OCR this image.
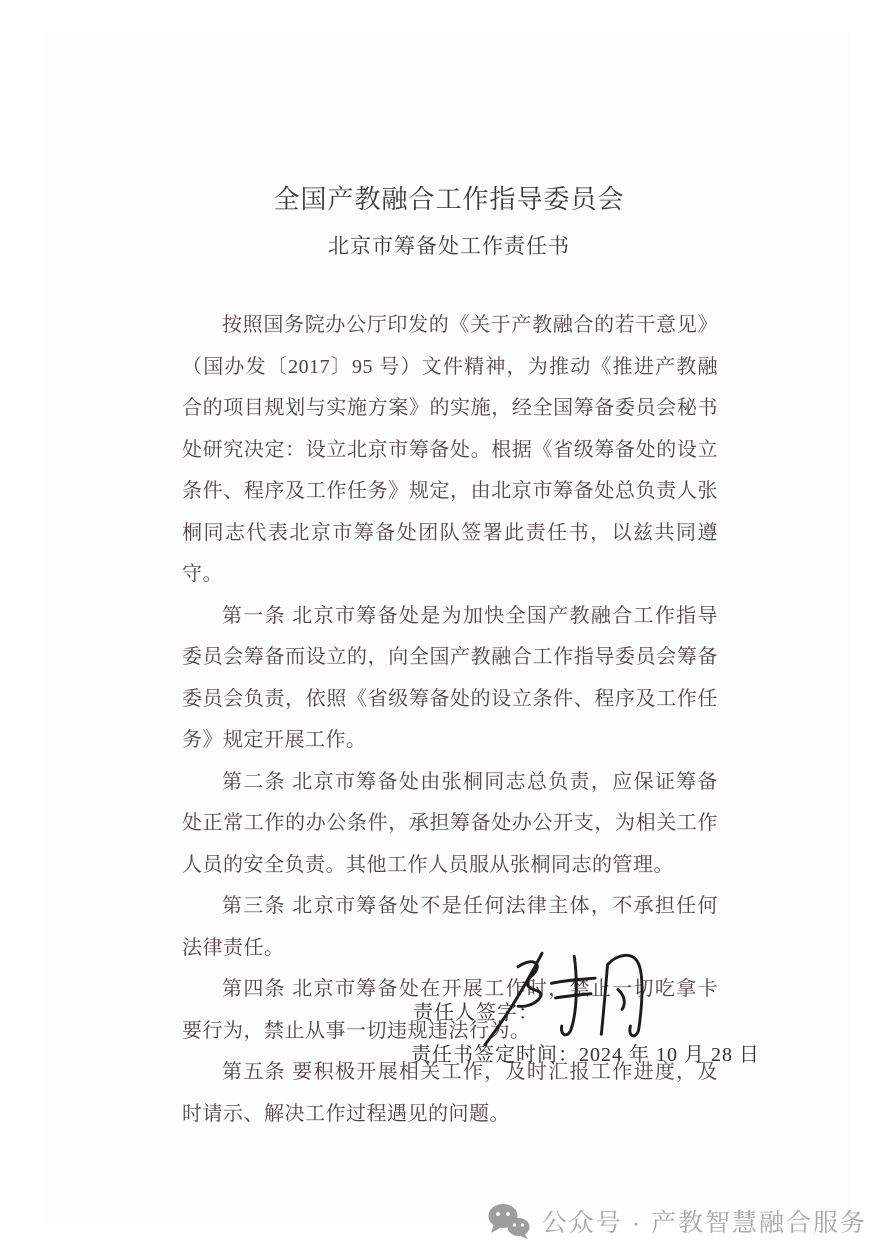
全国产教融合工作指导委员会
北京市筹备处工作责任书

按照国务院办公厅印发的《关于产教融合的若干意见》（国办发〔2017〕95 号）文件精神，为推动《推进产教融合的项目规划与实施方案》的实施，经全国筹备委员会秘书处研究决定：设立北京市筹备处。根据《省级筹备处的设立条件、程序及工作任务》规定，由北京市筹备处总负责人张桐同志代表北京市筹备处团队签署此责任书，以兹共同遵守。

第一条 北京市筹备处是为加快全国产教融合工作指导委员会筹备而设立的，向全国产教融合工作指导委员会筹备委员会负责，依照《省级筹备处的设立条件、程序及工作任务》规定开展工作。

第二条 北京市筹备处由张桐同志总负责，应保证筹备处正常工作的办公条件，承担筹备处办公开支，为相关工作人员的安全负责。其他工作人员服从张桐同志的管理。

第三条 北京市筹备处不是任何法律主体，不承担任何法律责任。

第四条 北京市筹备处在开展工作时，禁止一切吃拿卡要行为，禁止从事一切违规违法行为。

第五条 要积极开展相关工作，及时汇报工作进度，及时请示、解决工作过程遇见的问题。

责任人签字：
责任书签定时间：2024 年 10 月 28 日
公众号 · 产教智慧融合服务
